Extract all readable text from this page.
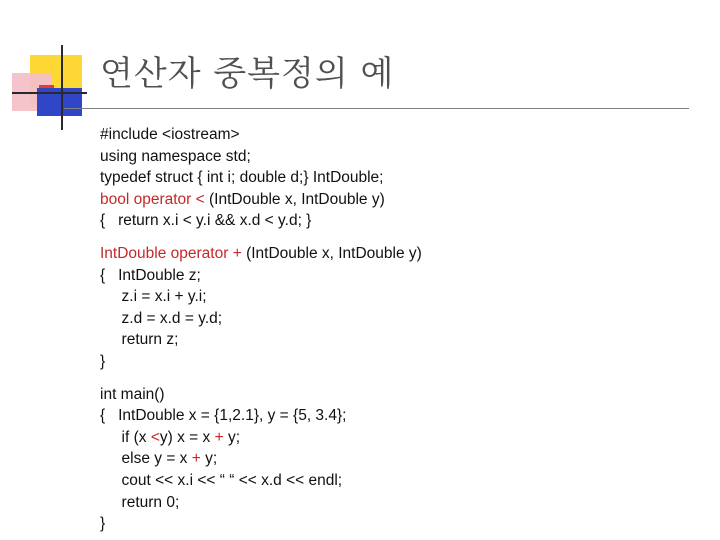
연산자 중복정의 예
#include <iostream>
using namespace std;
typedef struct { int i; double d;} IntDouble;
bool operator < (IntDouble x, IntDouble y)
{   return x.i < y.i && x.d < y.d; }
IntDouble operator + (IntDouble x, IntDouble y)
{   IntDouble z;
z.i = x.i + y.i;
z.d = x.d = y.d;
return z;
}
int main()
{   IntDouble x = {1,2.1}, y = {5, 3.4};
if (x <y) x = x + y;
else y = x + y;
cout << x.i << “ “ << x.d << endl;
return 0;
}
